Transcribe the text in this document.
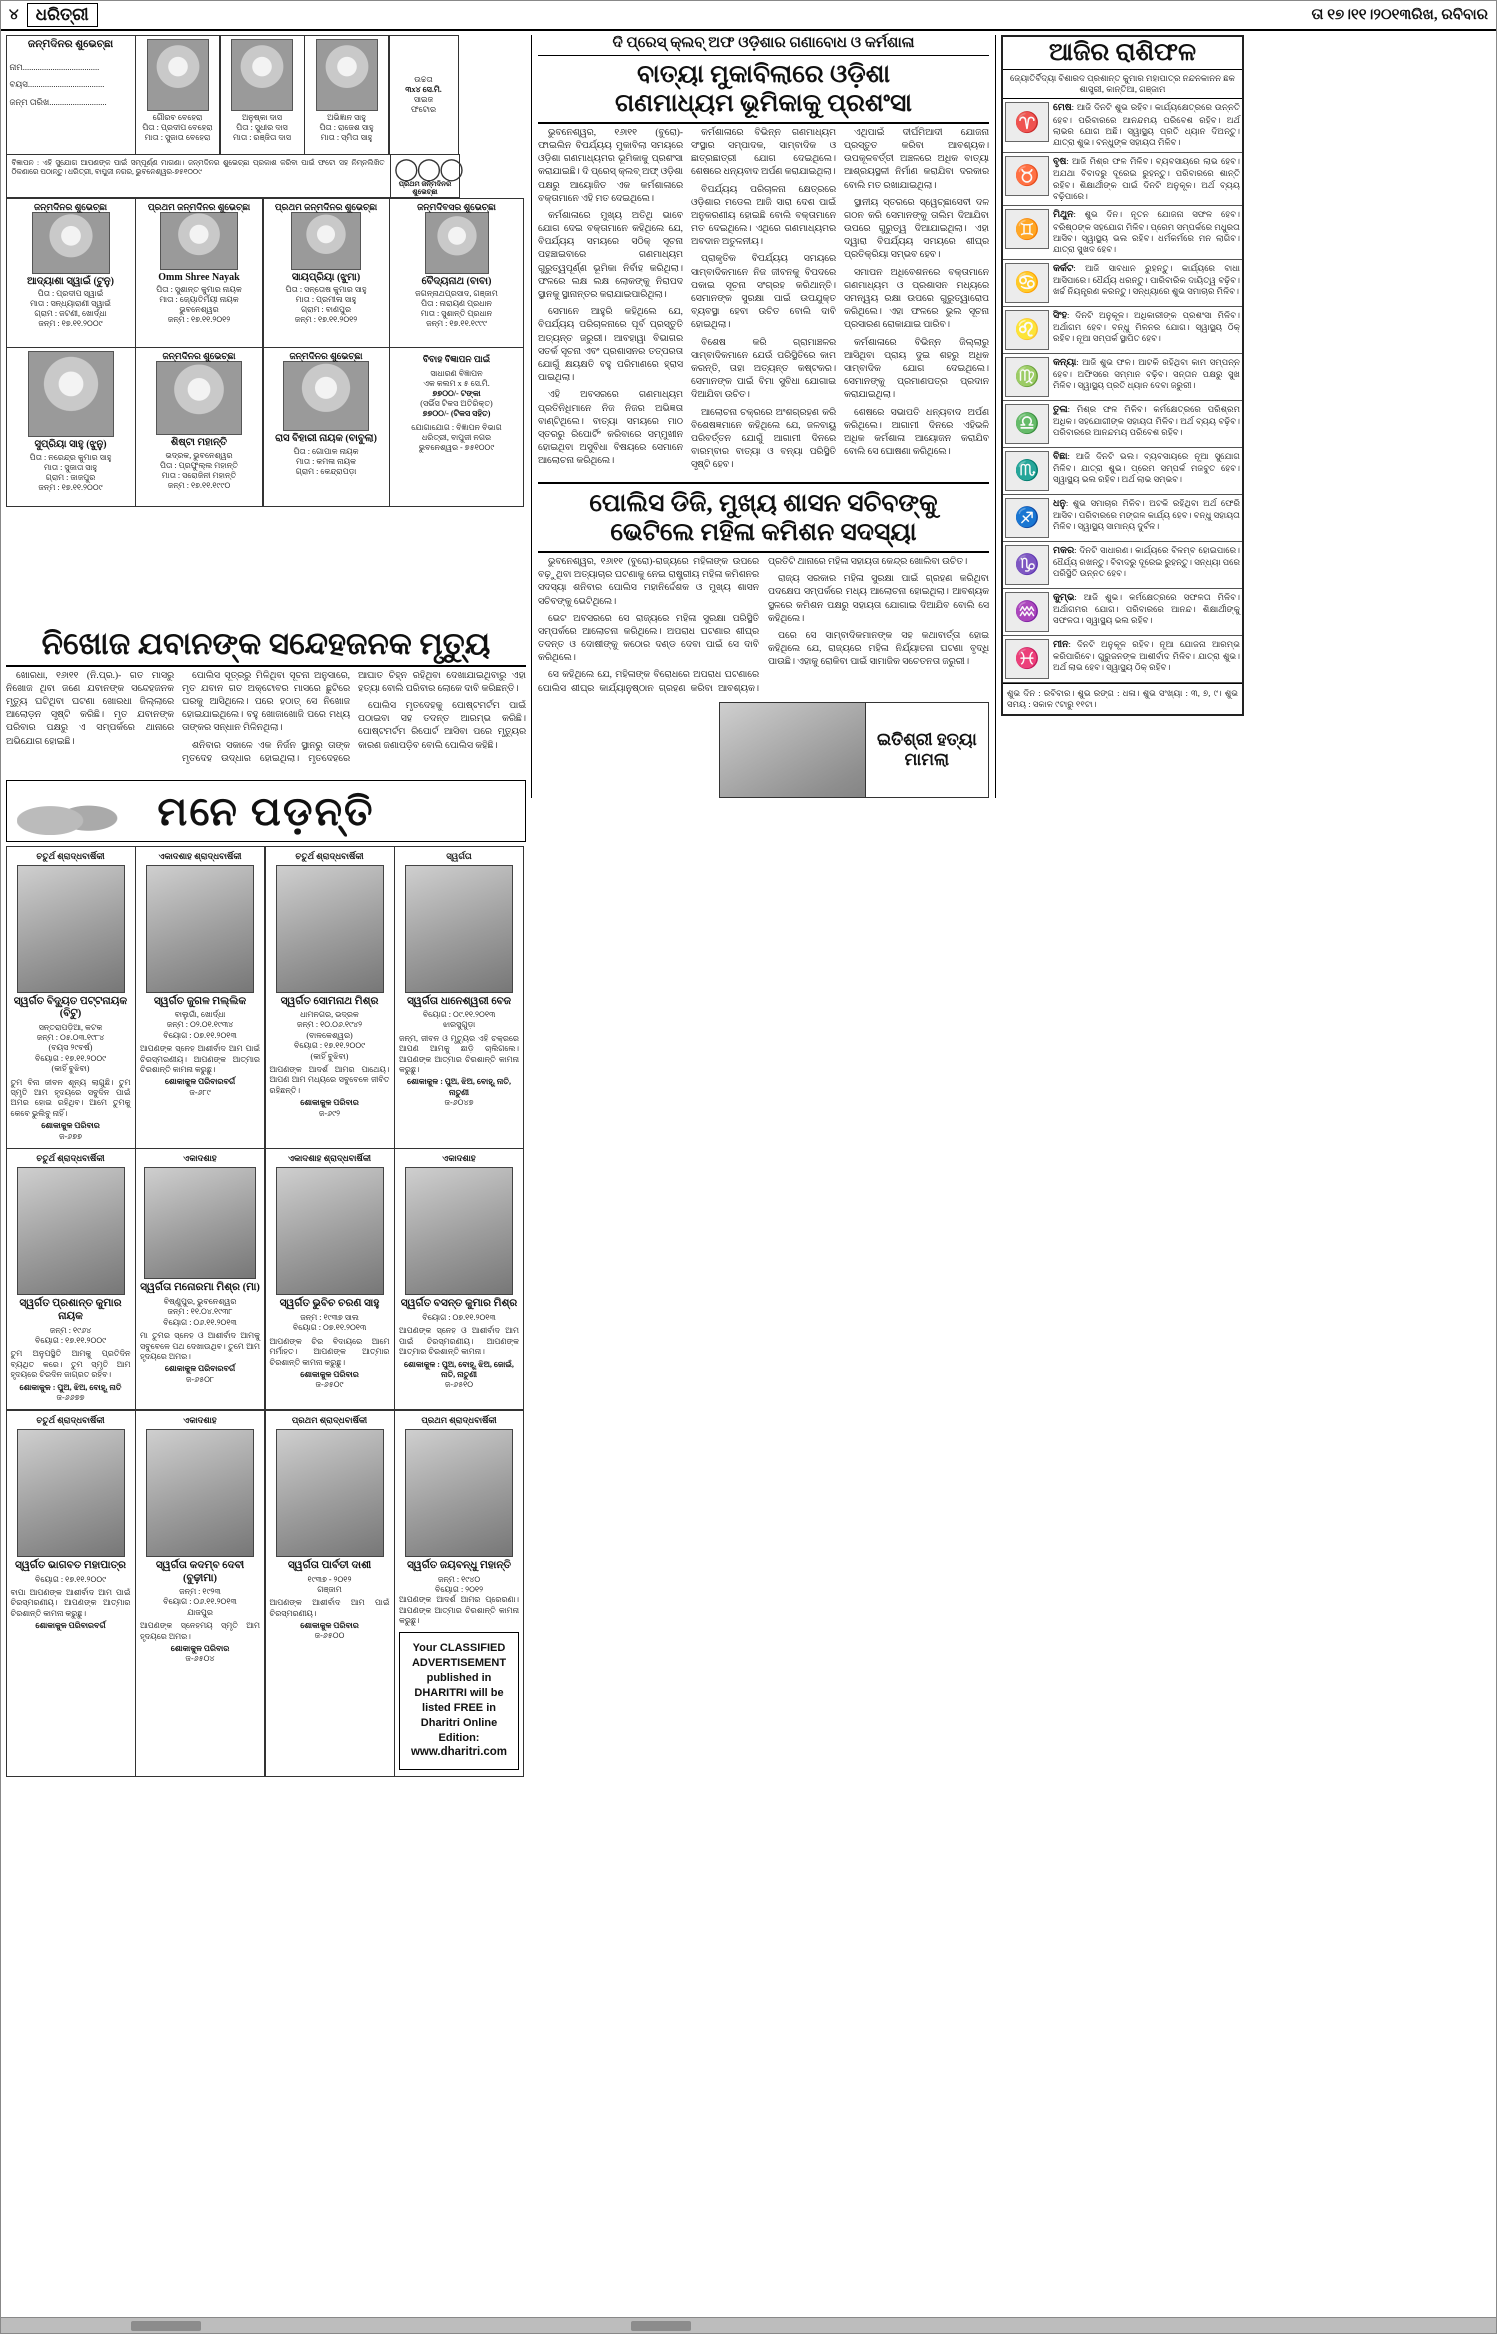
୪	ଧରିତ୍ରୀ	ତା ୧୭।୧୧।୨୦୧୩ରିଖ, ରବିବାର
ଜନ୍ମଦିନର ଶୁଭେଚ୍ଛା
ନାମ....................................
ବୟସ....................................
ଜନ୍ମ ତାରିଖ...........................
ଗୌରବ ବେହେରା
ପିତା : ପ୍ରଦୀପ ବେହେରା
ମାତା : ସୁଜାତା ବେହେରା
ଅନୁଷ୍କା ଦାସ
ପିତା : ସୁଧୀର ଦାସ
ମାତା : ରଞ୍ଜିତା ଦାସ
ଅଭିଜ୍ଞାନ ସାହୁ
ପିତା : ରାଜେଶ ସାହୁ
ମାତା : ସ୍ମିତା ସାହୁ
ଉଚ୍ଚତା
୩x୪ ସେ.ମି.
ସାଇଜ
ଫଟୋର
ବିଜ୍ଞାପନ : ଏହି ସୁଯୋଗ ଆପଣଙ୍କ ପାଇଁ ସମ୍ପୂର୍ଣ୍ଣ ମାଗଣା। ଜନ୍ମଦିନର ଶୁଭେଚ୍ଛା ପ୍ରକାଶ କରିବା ପାଇଁ ଫଟୋ ସହ ନିମ୍ନଲିଖିତ ଠିକଣାରେ ପଠାନ୍ତୁ। ଧରିତ୍ରୀ, ବାପୁଜୀ ନଗର, ଭୁବନେଶ୍ୱର-୭୫୧୦୦୯	◯◯◯
ପ୍ରଥମ ଜନ୍ମଦିନର ଶୁଭେଚ୍ଛା
ଜନ୍ମଦିନର ଶୁଭେଚ୍ଛା
ଆଦ୍ୟାଶା ସ୍ୱାଇଁ (ଟୁନୁ)
ପିତା : ପ୍ରଦୀପ ସ୍ୱାଇଁ
ମାତା : ସନ୍ଧ୍ୟାରାଣୀ ସ୍ୱାଇଁ
ଗ୍ରାମ : ଜଟଣୀ, ଖୋର୍ଦ୍ଧା
ଜନ୍ମ : ୧୭.୧୧.୨୦୦୯
ପ୍ରଥମ ଜନ୍ମଦିନର ଶୁଭେଚ୍ଛା
Omm Shree Nayak
ପିତା : ସୁଶାନ୍ତ କୁମାର ନାୟକ
ମାତା : ଜ୍ୟୋତିର୍ମୟୀ ନାୟକ
ଭୁବନେଶ୍ୱର
ଜନ୍ମ : ୧୭.୧୧.୨୦୧୨
ପ୍ରଥମ ଜନ୍ମଦିନର ଶୁଭେଚ୍ଛା
ସାୟପ୍ରିୟା (ଝୁମା)
ପିତା : ସନ୍ତୋଷ କୁମାର ସାହୁ
ମାତା : ପ୍ରମୀଳା ସାହୁ
ଗ୍ରାମ : ବାଣପୁର
ଜନ୍ମ : ୧୭.୧୧.୨୦୧୨
ଜନ୍ମଦିବସର ଶୁଭେଚ୍ଛା
ବୈଦ୍ୟନାଥ (ବାବା)
ଜଗନ୍ନାଥପ୍ରସାଦ, ଗଞ୍ଜାମ
ପିତା : ନାରାୟଣ ପ୍ରଧାନ
ମାତା : ସୁଶାନ୍ତି ପ୍ରଧାନ
ଜନ୍ମ : ୧୭.୧୧.୧୯୯୯
ସୁପ୍ରିୟା ସାହୁ (ଝୁନୁ)
ପିତା : ନରେନ୍ଦ୍ର କୁମାର ସାହୁ
ମାତା : ସୁଜାତା ସାହୁ
ଗ୍ରାମ : ଜାଜପୁର
ଜନ୍ମ : ୧୭.୧୧.୨୦୦୯
ଜନ୍ମଦିନର ଶୁଭେଚ୍ଛା
ଶିଷ୍ଟା ମହାନ୍ତି
ଭଦ୍ରକ, ଭୁବନେଶ୍ୱର
ପିତା : ପ୍ରଫୁଲ୍ଲ ମହାନ୍ତି
ମାତା : ସରୋଜିନୀ ମହାନ୍ତି
ଜନ୍ମ : ୧୭.୧୧.୧୯୯୦
ଜନ୍ମଦିନର ଶୁଭେଚ୍ଛା
ରାସ ବିହାରୀ ନାୟକ (ବାବୁଲା)
ପିତା : ଗୋପାଳ ନାୟକ
ମାତା : କମଳା ନାୟକ
ଗ୍ରାମ : କେନ୍ଦ୍ରାପଡ଼ା
ବିବାହ ବିଜ୍ଞାପନ ପାଇଁ
ସାଧାରଣ ବିଜ୍ଞାପନ
ଏକ କଲମ x ୫ ସେ.ମି.
୭୭୦୦/- ଟଙ୍କା
(ସର୍ଭିସ ଟିକସ ଅତିରିକ୍ତ)
୭୭୦୦/- (ଟିକସ ସହିତ)
ଯୋଗାଯୋଗ : ବିଜ୍ଞାପନ ବିଭାଗ
ଧରିତ୍ରୀ, ବାପୁଜୀ ନଗର
ଭୁବନେଶ୍ୱର - ୭୫୧୦୦୯
ଦି ପ୍ରେସ୍‌ କ୍ଲବ୍‌ ଅଫ ଓଡ଼ିଶାର ଗଣାବୋଧ ଓ କର୍ମଶାଳା
ବାତ୍ୟା ମୁକାବିଲାରେ ଓଡ଼ିଶା
ଗଣମାଧ୍ୟମ ଭୂମିକାକୁ ପ୍ରଶଂସା

ଭୁବନେଶ୍ୱର, ୧୬ା୧୧ (ବୁରୋ)- ଫାଇଲିନ ବିପର୍ଯ୍ୟୟ ମୁକାବିଲା ସମୟରେ ଓଡ଼ିଶା ଗଣମାଧ୍ୟମର ଭୂମିକାକୁ ପ୍ରଶଂସା କରାଯାଇଛି। ଦି ପ୍ରେସ୍‌ କ୍ଲବ୍‌ ଅଫ୍‌ ଓଡ଼ିଶା ପକ୍ଷରୁ ଆୟୋଜିତ ଏକ କର୍ମଶାଳାରେ ବକ୍ତାମାନେ ଏହି ମତ ଦେଇଥିଲେ।

କର୍ମଶାଳାରେ ମୁଖ୍ୟ ଅତିଥି ଭାବେ ଯୋଗ ଦେଇ ବକ୍ତାମାନେ କହିଥିଲେ ଯେ, ବିପର୍ଯ୍ୟୟ ସମୟରେ ସଠିକ୍‌ ସୂଚନା ପହଞ୍ଚାଇବାରେ ଗଣମାଧ୍ୟମ ଗୁରୁତ୍ୱପୂର୍ଣ୍ଣ ଭୂମିକା ନିର୍ବାହ କରିଥିଲା। ଫଳରେ ଲକ୍ଷ ଲକ୍ଷ ଲୋକଙ୍କୁ ନିରାପଦ ସ୍ଥାନକୁ ସ୍ଥାନାନ୍ତର କରାଯାଇପାରିଥିଲା।

ସେମାନେ ଆହୁରି କହିଥିଲେ ଯେ, ବିପର୍ଯ୍ୟୟ ପରିଚାଳନାରେ ପୂର୍ବ ପ୍ରସ୍ତୁତି ଅତ୍ୟନ୍ତ ଜରୁରୀ। ଆବହାୱା ବିଭାଗର ସତର୍କ ସୂଚନା ଏବଂ ପ୍ରଶାସନର ତତ୍‌ପରତା ଯୋଗୁଁ କ୍ଷୟକ୍ଷତି ବହୁ ପରିମାଣରେ ହ୍ରାସ ପାଇଥିଲା।

ଏହି ଅବସରରେ ଗଣମାଧ୍ୟମ ପ୍ରତିନିଧିମାନେ ନିଜ ନିଜର ଅଭିଜ୍ଞତା ବାଣ୍ଟିଥିଲେ। ବାତ୍ୟା ସମୟରେ ମାଠ ସ୍ତରରୁ ରିପୋର୍ଟିଂ କରିବାରେ ସମ୍ମୁଖୀନ ହୋଇଥିବା ଅସୁବିଧା ବିଷୟରେ ସେମାନେ ଆଲୋଚନା କରିଥିଲେ।

କର୍ମଶାଳାରେ ବିଭିନ୍ନ ଗଣମାଧ୍ୟମ ସଂସ୍ଥାର ସମ୍ପାଦକ, ସାମ୍ବାଦିକ ଓ ଛାତ୍ରଛାତ୍ରୀ ଯୋଗ ଦେଇଥିଲେ। ଶେଷରେ ଧନ୍ୟବାଦ ଅର୍ପଣ କରାଯାଇଥିଲା।

ବିପର୍ଯ୍ୟୟ ପରିଚାଳନା କ୍ଷେତ୍ରରେ ଓଡ଼ିଶାର ମଡେଲ ଆଜି ସାରା ଦେଶ ପାଇଁ ଅନୁକରଣୀୟ ହୋଇଛି ବୋଲି ବକ୍ତାମାନେ ମତ ଦେଇଥିଲେ। ଏଥିରେ ଗଣମାଧ୍ୟମର ଅବଦାନ ଅତୁଳନୀୟ।

ପ୍ରାକୃତିକ ବିପର୍ଯ୍ୟୟ ସମୟରେ ସାମ୍ବାଦିକମାନେ ନିଜ ଜୀବନକୁ ବିପଦରେ ପକାଇ ସୂଚନା ସଂଗ୍ରହ କରିଥାନ୍ତି। ସେମାନଙ୍କ ସୁରକ୍ଷା ପାଇଁ ଉପଯୁକ୍ତ ବ୍ୟବସ୍ଥା ହେବା ଉଚିତ ବୋଲି ଦାବି ହୋଇଥିଲା।

ବିଶେଷ କରି ଗ୍ରାମାଞ୍ଚଳର ସାମ୍ବାଦିକମାନେ ଯେଉଁ ପରିସ୍ଥିତିରେ କାମ କରନ୍ତି, ତାହା ଅତ୍ୟନ୍ତ କଷ୍ଟକର। ସେମାନଙ୍କ ପାଇଁ ବିମା ସୁବିଧା ଯୋଗାଇ ଦିଆଯିବା ଉଚିତ।

ଆଲୋଚନା ଚକ୍ରରେ ଅଂଶଗ୍ରହଣ କରି ବିଶେଷଜ୍ଞମାନେ କହିଥିଲେ ଯେ, ଜଳବାୟୁ ପରିବର୍ତ୍ତନ ଯୋଗୁଁ ଆଗାମୀ ଦିନରେ ବାରମ୍ବାର ବାତ୍ୟା ଓ ବନ୍ୟା ପରିସ୍ଥିତି ସୃଷ୍ଟି ହେବ।

ଏଥିପାଇଁ ଦୀର୍ଘମିଆଦୀ ଯୋଜନା ପ୍ରସ୍ତୁତ କରିବା ଆବଶ୍ୟକ। ଉପକୂଳବର୍ତ୍ତୀ ଅଞ୍ଚଳରେ ଅଧିକ ବାତ୍ୟା ଆଶ୍ରୟସ୍ଥଳୀ ନିର୍ମାଣ କରାଯିବା ଦରକାର ବୋଲି ମତ ରଖାଯାଇଥିଲା।

ସ୍ଥାନୀୟ ସ୍ତରରେ ସ୍ୱେଚ୍ଛାସେବୀ ଦଳ ଗଠନ କରି ସେମାନଙ୍କୁ ତାଲିମ ଦିଆଯିବା ଉପରେ ଗୁରୁତ୍ୱ ଦିଆଯାଇଥିଲା। ଏହା ଦ୍ୱାରା ବିପର୍ଯ୍ୟୟ ସମୟରେ ଶୀଘ୍ର ପ୍ରତିକ୍ରିୟା ସମ୍ଭବ ହେବ।

ସମାପନ ଅଧିବେଶନରେ ବକ୍ତାମାନେ ଗଣମାଧ୍ୟମ ଓ ପ୍ରଶାସନ ମଧ୍ୟରେ ସମନ୍ୱୟ ରକ୍ଷା ଉପରେ ଗୁରୁତ୍ୱାରୋପ କରିଥିଲେ। ଏହା ଫଳରେ ଭୁଲ ସୂଚନା ପ୍ରସାରଣ ରୋକାଯାଇ ପାରିବ।

କର୍ମଶାଳାରେ ବିଭିନ୍ନ ଜିଲ୍ଲାରୁ ଆସିଥିବା ପ୍ରାୟ ଦୁଇ ଶହରୁ ଅଧିକ ସାମ୍ବାଦିକ ଯୋଗ ଦେଇଥିଲେ। ସେମାନଙ୍କୁ ପ୍ରମାଣପତ୍ର ପ୍ରଦାନ କରାଯାଇଥିଲା।

ଶେଷରେ ସଭାପତି ଧନ୍ୟବାଦ ଅର୍ପଣ କରିଥିଲେ। ଆଗାମୀ ଦିନରେ ଏହିଭଳି ଅଧିକ କର୍ମଶାଳା ଆୟୋଜନ କରାଯିବ ବୋଲି ସେ ଘୋଷଣା କରିଥିଲେ।

ପୋଲିସ ଡିଜି, ମୁଖ୍ୟ ଶାସନ ସଚିବଙ୍କୁ
ଭେଟିଲେ ମହିଳା କମିଶନ ସଦସ୍ୟା

ଭୁବନେଶ୍ୱର, ୧୬ା୧୧ (ବୁରୋ)-ରାଜ୍ୟରେ ମହିଳାଙ୍କ ଉପରେ ବଢ଼ୁଥିବା ଅତ୍ୟାଚାର ଘଟଣାକୁ ନେଇ ରାଷ୍ଟ୍ରୀୟ ମହିଳା କମିଶନର ସଦସ୍ୟା ଶନିବାର ପୋଲିସ ମହାନିର୍ଦ୍ଦେଶକ ଓ ମୁଖ୍ୟ ଶାସନ ସଚିବଙ୍କୁ ଭେଟିଥିଲେ।

ଭେଟ ଅବସରରେ ସେ ରାଜ୍ୟରେ ମହିଳା ସୁରକ୍ଷା ପରିସ୍ଥିତି ସମ୍ପର୍କରେ ଆଲୋଚନା କରିଥିଲେ। ଅପରାଧ ଘଟଣାର ଶୀଘ୍ର ତଦନ୍ତ ଓ ଦୋଷୀଙ୍କୁ କଠୋର ଦଣ୍ଡ ଦେବା ପାଇଁ ସେ ଦାବି କରିଥିଲେ।

ସେ କହିଥିଲେ ଯେ, ମହିଳାଙ୍କ ବିରୋଧରେ ଅପରାଧ ଘଟଣାରେ ପୋଲିସ ଶୀଘ୍ର କାର୍ଯ୍ୟାନୁଷ୍ଠାନ ଗ୍ରହଣ କରିବା ଆବଶ୍ୟକ। ପ୍ରତିଟି ଥାନାରେ ମହିଳା ସହାୟତା କେନ୍ଦ୍ର ଖୋଲିବା ଉଚିତ।

ରାଜ୍ୟ ସରକାର ମହିଳା ସୁରକ୍ଷା ପାଇଁ ଗ୍ରହଣ କରିଥିବା ପଦକ୍ଷେପ ସମ୍ପର୍କରେ ମଧ୍ୟ ଆଲୋଚନା ହୋଇଥିଲା। ଆବଶ୍ୟକ ସ୍ଥଳରେ କମିଶନ ପକ୍ଷରୁ ସହାୟତା ଯୋଗାଇ ଦିଆଯିବ ବୋଲି ସେ କହିଥିଲେ।

ପରେ ସେ ସାମ୍ବାଦିକମାନଙ୍କ ସହ କଥାବାର୍ତ୍ତା ହୋଇ କହିଥିଲେ ଯେ, ରାଜ୍ୟରେ ମହିଳା ନିର୍ଯ୍ୟାତନା ଘଟଣା ବୃଦ୍ଧି ପାଉଛି। ଏହାକୁ ରୋକିବା ପାଇଁ ସାମାଜିକ ସଚେତନତା ଜରୁରୀ।

ଇତିଶ୍ରୀ ହତ୍ୟା ମାମଲା
ଆଜିର ରାଶିଫଳ
ଜ୍ୟୋତିର୍ବିଦ୍ୟା ବିଶାରଦ ପ୍ରଶାନ୍ତ କୁମାର ମହାପାତ୍ର ନନ୍ଦନକାନନ ଛକ ଶାସ୍ତ୍ରୀ, କାନ୍ତିଆ, ଗଞ୍ଜାମ
♈
ମେଷ: ଆଜି ଦିନଟି ଶୁଭ ରହିବ। କାର୍ଯ୍ୟକ୍ଷେତ୍ରରେ ଉନ୍ନତି ହେବ। ପରିବାରରେ ଆନନ୍ଦମୟ ପରିବେଶ ରହିବ। ଅର୍ଥ ଲାଭର ଯୋଗ ଅଛି। ସ୍ୱାସ୍ଥ୍ୟ ପ୍ରତି ଧ୍ୟାନ ଦିଅନ୍ତୁ। ଯାତ୍ରା ଶୁଭ। ବନ୍ଧୁଙ୍କ ସହାୟତା ମିଳିବ।
♉
ବୃଷ: ଆଜି ମିଶ୍ର ଫଳ ମିଳିବ। ବ୍ୟବସାୟରେ ଲାଭ ହେବ। ଅଯଥା ବିବାଦରୁ ଦୂରେଇ ରୁହନ୍ତୁ। ପରିବାରରେ ଶାନ୍ତି ରହିବ। ଶିକ୍ଷାର୍ଥୀଙ୍କ ପାଇଁ ଦିନଟି ଅନୁକୂଳ। ଅର୍ଥ ବ୍ୟୟ ବଢ଼ିପାରେ।
♊
ମିଥୁନ: ଶୁଭ ଦିନ। ନୂତନ ଯୋଜନା ସଫଳ ହେବ। ବରିଷ୍ଠଙ୍କ ସହଯୋଗ ମିଳିବ। ପ୍ରେମ ସମ୍ପର୍କରେ ମଧୁରତା ଆସିବ। ସ୍ୱାସ୍ଥ୍ୟ ଭଲ ରହିବ। ଧର୍ମକର୍ମରେ ମନ ଲାଗିବ। ଯାତ୍ରା ସୁଖଦ ହେବ।
♋
କର୍କଟ: ଆଜି ସାବଧାନ ରୁହନ୍ତୁ। କାର୍ଯ୍ୟରେ ବାଧା ଆସିପାରେ। ଧୈର୍ଯ୍ୟ ଧରନ୍ତୁ। ପାରିବାରିକ ଦାୟିତ୍ୱ ବଢ଼ିବ। ଖର୍ଚ୍ଚ ନିୟନ୍ତ୍ରଣ କରନ୍ତୁ। ସନ୍ଧ୍ୟାରେ ଶୁଭ ସମାଚାର ମିଳିବ।
♌
ସିଂହ: ଦିନଟି ଅନୁକୂଳ। ଅଧିକାରୀଙ୍କ ପ୍ରଶଂସା ମିଳିବ। ଅର୍ଥାଗମ ହେବ। ବନ୍ଧୁ ମିଳନର ଯୋଗ। ସ୍ୱାସ୍ଥ୍ୟ ଠିକ୍‌ ରହିବ। ନୂଆ ସମ୍ପର୍କ ସ୍ଥାପିତ ହେବ।
♍
କନ୍ୟା: ଆଜି ଶୁଭ ଫଳ। ଆଟକି ରହିଥିବା କାମ ସମ୍ପନ୍ନ ହେବ। ଅଫିସରେ ସମ୍ମାନ ବଢ଼ିବ। ସନ୍ତାନ ପକ୍ଷରୁ ସୁଖ ମିଳିବ। ସ୍ୱାସ୍ଥ୍ୟ ପ୍ରତି ଧ୍ୟାନ ଦେବା ଜରୁରୀ।
♎
ତୁଳା: ମିଶ୍ର ଫଳ ମିଳିବ। କର୍ମକ୍ଷେତ୍ରରେ ପରିଶ୍ରମ ଅଧିକ। ସହଯୋଗୀଙ୍କ ସହାୟତା ମିଳିବ। ଅର୍ଥ ବ୍ୟୟ ବଢ଼ିବ। ପରିବାରରେ ଆନନ୍ଦମୟ ପରିବେଶ ରହିବ।
♏
ବିଛା: ଆଜି ଦିନଟି ଭଲ। ବ୍ୟବସାୟରେ ନୂଆ ସୁଯୋଗ ମିଳିବ। ଯାତ୍ରା ଶୁଭ। ପ୍ରେମ ସମ୍ପର୍କ ମଜବୁତ ହେବ। ସ୍ୱାସ୍ଥ୍ୟ ଭଲ ରହିବ। ଅର୍ଥ ଲାଭ ସମ୍ଭବ।
♐
ଧନୁ: ଶୁଭ ସମାଚାର ମିଳିବ। ଅଟକି ରହିଥିବା ଅର୍ଥ ଫେରି ଆସିବ। ପରିବାରରେ ମଙ୍ଗଳ କାର୍ଯ୍ୟ ହେବ। ବନ୍ଧୁ ସହାୟତା ମିଳିବ। ସ୍ୱାସ୍ଥ୍ୟ ସାମାନ୍ୟ ଦୁର୍ବଳ।
♑
ମକର: ଦିନଟି ସାଧାରଣ। କାର୍ଯ୍ୟରେ ବିଳମ୍ବ ହୋଇପାରେ। ଧୈର୍ଯ୍ୟ ରଖନ୍ତୁ। ବିବାଦରୁ ଦୂରେଇ ରୁହନ୍ତୁ। ସନ୍ଧ୍ୟା ପରେ ପରିସ୍ଥିତି ଉନ୍ନତ ହେବ।
♒
କୁମ୍ଭ: ଆଜି ଶୁଭ। କର୍ମକ୍ଷେତ୍ରରେ ସଫଳତା ମିଳିବ। ଅର୍ଥାଗମର ଯୋଗ। ପରିବାରରେ ଆନନ୍ଦ। ଶିକ୍ଷାର୍ଥୀଙ୍କୁ ସଫଳତା। ସ୍ୱାସ୍ଥ୍ୟ ଭଲ ରହିବ।
♓
ମୀନ: ଦିନଟି ଅନୁକୂଳ ରହିବ। ନୂଆ ଯୋଜନା ଆରମ୍ଭ କରିପାରିବେ। ଗୁରୁଜନଙ୍କ ଆଶୀର୍ବାଦ ମିଳିବ। ଯାତ୍ରା ଶୁଭ। ଅର୍ଥ ଲାଭ ହେବ। ସ୍ୱାସ୍ଥ୍ୟ ଠିକ୍‌ ରହିବ।
ଶୁଭ ଦିନ : ରବିବାର। ଶୁଭ ରଙ୍ଗ : ଧଳା। ଶୁଭ ସଂଖ୍ୟା : ୩, ୭, ୯। ଶୁଭ ସମୟ : ସକାଳ ୯ଟାରୁ ୧୧ଟା।
ନିଖୋଜ ଯବାନଙ୍କ ସନ୍ଦେହଜନକ ମୃତ୍ୟୁ

ଖୋରଧା, ୧୬ା୧୧ (ନି.ପ୍ର.)- ଗତ ମାସରୁ ନିଖୋଜ ଥିବା ଜଣେ ଯବାନଙ୍କ ସନ୍ଦେହଜନକ ମୃତ୍ୟୁ ଘଟିଥିବା ଘଟଣା ଖୋରଧା ଜିଲ୍ଲାରେ ଆଲୋଡ଼ନ ସୃଷ୍ଟି କରିଛି। ମୃତ ଯବାନଙ୍କ ପରିବାର ପକ୍ଷରୁ ଏ ସମ୍ପର୍କରେ ଥାନାରେ ଅଭିଯୋଗ ହୋଇଛି।

ପୋଲିସ ସୂତ୍ରରୁ ମିଳିଥିବା ସୂଚନା ଅନୁସାରେ, ମୃତ ଯବାନ ଗତ ଅକ୍ଟୋବର ମାସରେ ଛୁଟିରେ ଘରକୁ ଆସିଥିଲେ। ପରେ ହଠାତ୍‌ ସେ ନିଖୋଜ ହୋଇଯାଇଥିଲେ। ବହୁ ଖୋଜାଖୋଜି ପରେ ମଧ୍ୟ ତାଙ୍କର ସନ୍ଧାନ ମିଳିନଥିଲା।

ଶନିବାର ସକାଳେ ଏକ ନିର୍ଜନ ସ୍ଥାନରୁ ତାଙ୍କ ମୃତଦେହ ଉଦ୍ଧାର ହୋଇଥିଲା। ମୃତଦେହରେ ଆଘାତ ଚିହ୍ନ ରହିଥିବା ଦେଖାଯାଇଥିବାରୁ ଏହା ହତ୍ୟା ବୋଲି ପରିବାର ଲୋକେ ଦାବି କରିଛନ୍ତି।

ପୋଲିସ ମୃତଦେହକୁ ପୋଷ୍ଟମର୍ଟମ ପାଇଁ ପଠାଇବା ସହ ତଦନ୍ତ ଆରମ୍ଭ କରିଛି। ପୋଷ୍ଟମର୍ଟମ ରିପୋର୍ଟ ଆସିବା ପରେ ମୃତ୍ୟୁର କାରଣ ଜଣାପଡ଼ିବ ବୋଲି ପୋଲିସ କହିଛି।

ମନେ ପଡ଼ନ୍ତି
ଚତୁର୍ଥ ଶ୍ରାଦ୍ଧବାର୍ଷିକୀ
ସ୍ୱର୍ଗତ ବିଦ୍ୟୁତ ପଟ୍ଟନାୟକ (ବିଟୁ)
ସନ୍ତରାପଡ଼ିଆ, କଟକ
ଜନ୍ମ : ୦୫.୦୩.୧୯୮୪
(ବୟସ ୨୯ବର୍ଷ)
ବିୟୋଗ : ୧୭.୧୧.୨୦୦୯
(କାହିଁ ବୁଝିବା)
ତୁମ ବିନା ଜୀବନ ଶୂନ୍ୟ ଲାଗୁଛି। ତୁମ ସ୍ମୃତି ଆମ ହୃଦୟରେ ସବୁଦିନ ପାଇଁ ଅମର ହୋଇ ରହିଥିବ। ଆମେ ତୁମକୁ କେବେ ଭୁଲିବୁ ନାହିଁ।
ଶୋକାକୁଳ ପରିବାର
ଜ-୬୭୭
ଏକାଦଶାହ ଶ୍ରାଦ୍ଧବାର୍ଷିକୀ
ସ୍ୱର୍ଗତ ଜୁଗଳ ମଲ୍ଲିକ
ବାଲୁଗାଁ, ଖୋର୍ଦ୍ଧା
ଜନ୍ମ : ୦୨.୦୧.୧୯୩୪
ବିୟୋଗ : ୦୭.୧୧.୨୦୧୩
ଆପଣଙ୍କ ସ୍ନେହ ଆଶୀର୍ବାଦ ଆମ ପାଇଁ ଚିରସ୍ମରଣୀୟ। ଆପଣଙ୍କ ଆତ୍ମାର ଚିରଶାନ୍ତି କାମନା କରୁଛୁ।
ଶୋକାକୁଳ ପରିବାରବର୍ଗ
ଜ-୬୮୯
ଚତୁର୍ଥ ଶ୍ରାଦ୍ଧବାର୍ଷିକୀ
ସ୍ୱର୍ଗତ ସୋମନାଥ ମିଶ୍ର
ଧାମନଗର, ଭଦ୍ରକ
ଜନ୍ମ : ୧୦.୦୬.୧୯୪୨
(ବାଳକେଶ୍ୱର)
ବିୟୋଗ : ୧୭.୧୧.୨୦୦୯
(କାହିଁ ବୁଝିବା)
ଆପଣଙ୍କ ଆଦର୍ଶ ଆମର ପାଥେୟ। ଆପଣ ଆମ ମଧ୍ୟରେ ସବୁବେଳେ ଜୀବିତ ରହିଛନ୍ତି।
ଶୋକାକୁଳ ପରିବାର
ଜ-୬୯୨
ସ୍ୱର୍ଗତା
ସ୍ୱର୍ଗତା ଧାନେଶ୍ୱରୀ ବେଜ
ବିୟୋଗ : ୦୯.୧୧.୨୦୧୩
ଝାରସୁଗୁଡ଼ା
ଜନ୍ମ, ଜୀବନ ଓ ମୃତ୍ୟୁର ଏହି ଚକ୍ରରେ ଆପଣ ଆମକୁ ଛାଡ଼ି ଚାଲିଗଲେ। ଆପଣଙ୍କ ଆତ୍ମାର ଚିରଶାନ୍ତି କାମନା କରୁଛୁ।
ଶୋକାକୁଳ : ପୁଅ, ଝିଅ, ବୋହୂ, ନାତି, ନାତୁଣୀ
ଜ-୬୦୪୭
ଚତୁର୍ଥ ଶ୍ରାଦ୍ଧବାର୍ଷିକୀ
ସ୍ୱର୍ଗତ ପ୍ରଶାନ୍ତ କୁମାର ନାୟକ
ଜନ୍ମ : ୧୯୬୪
ବିୟୋଗ : ୧୭.୧୧.୨୦୦୯
ତୁମ ଅନୁପସ୍ଥିତି ଆମକୁ ପ୍ରତିଦିନ ବ୍ୟଥିତ କରେ। ତୁମ ସ୍ମୃତି ଆମ ହୃଦୟରେ ଚିରଦିନ ଜାଗ୍ରତ ରହିବ।
ଶୋକାକୁଳ : ପୁଅ, ଝିଅ, ବୋହୂ, ନାତି
ଜ-୬୬୭୭
ଏକାଦଶାହ
ସ୍ୱର୍ଗତା ମନୋରମା ମିଶ୍ର (ମା)
ବିଷ୍ଣୁପୁର, ଭୁବନେଶ୍ୱର
ଜନ୍ମ : ୧୧.୦୪.୧୯୩୮
ବିୟୋଗ : ୦୬.୧୧.୨୦୧୩
ମା ତୁମର ସ୍ନେହ ଓ ଆଶୀର୍ବାଦ ଆମକୁ ସବୁବେଳେ ପଥ ଦେଖାଉଥିବ। ତୁମେ ଆମ ହୃଦୟରେ ଅମର।
ଶୋକାକୁଳ ପରିବାରବର୍ଗ
ଜ-୬୫୦୮
ଏକାଦଶାହ ଶ୍ରାଦ୍ଧବାର୍ଷିକୀ
ସ୍ୱର୍ଗତ ଭୁବିଚ ଚରଣ ସାହୁ
ଜନ୍ମ : ୧୯୩୭ ସାଲ
ବିୟୋଗ : ୦୭.୧୧.୨୦୧୩
ଆପଣଙ୍କ ଚିର ବିଦାୟରେ ଆମେ ମର୍ମାହତ। ଆପଣଙ୍କ ଆତ୍ମାର ଚିରଶାନ୍ତି କାମନା କରୁଛୁ।
ଶୋକାକୁଳ ପରିବାର
ଜ-୬୫୦୯
ଏକାଦଶାହ
ସ୍ୱର୍ଗତ ବସନ୍ତ କୁମାର ମିଶ୍ର
ବିୟୋଗ : ୦୭.୧୧.୨୦୧୩
ଆପଣଙ୍କ ସ୍ନେହ ଓ ଆଶୀର୍ବାଦ ଆମ ପାଇଁ ଚିରସ୍ମରଣୀୟ। ଆପଣଙ୍କ ଆତ୍ମାର ଚିରଶାନ୍ତି କାମନା।
ଶୋକାକୁଳ : ପୁଅ, ବୋହୂ, ଝିଅ, ଜୋଇଁ, ନାତି, ନାତୁଣୀ
ଜ-୬୫୧୦
ଚତୁର୍ଥ ଶ୍ରାଦ୍ଧବାର୍ଷିକୀ
ସ୍ୱର୍ଗତ ଭାଗବତ ମହାପାତ୍ର
ବିୟୋଗ : ୧୭.୧୧.୨୦୦୯
ବାପା ଆପଣଙ୍କ ଆଶୀର୍ବାଦ ଆମ ପାଇଁ ଚିରସ୍ମରଣୀୟ। ଆପଣଙ୍କ ଆତ୍ମାର ଚିରଶାନ୍ତି କାମନା କରୁଛୁ।
ଶୋକାକୁଳ ପରିବାରବର୍ଗ
ଏକାଦଶାହ
ସ୍ୱର୍ଗତା କଦମ୍ବ ଦେବୀ (ବୁଢ଼ୀମା)
ଜନ୍ମ : ୧୯୨୩
ବିୟୋଗ : ୦୬.୧୧.୨୦୧୩
ଯାଜପୁର
ଆପଣଙ୍କ ସ୍ନେହମୟ ସ୍ମୃତି ଆମ ହୃଦୟରେ ଅମର।
ଶୋକାକୁଳ ପରିବାର
ଜ-୬୫୦୪
ପ୍ରଥମ ଶ୍ରାଦ୍ଧବାର୍ଷିକୀ
ସ୍ୱର୍ଗତା ପାର୍ବତୀ ଦାଶୀ
୧୯୩୭ - ୨୦୧୨
ଗଞ୍ଜାମ
ଆପଣଙ୍କ ଆଶୀର୍ବାଦ ଆମ ପାଇଁ ଚିରସ୍ମରଣୀୟ।
ଶୋକାକୁଳ ପରିବାର
ଜ-୬୫୦୦
ପ୍ରଥମ ଶ୍ରାଦ୍ଧବାର୍ଷିକୀ
ସ୍ୱର୍ଗତ ଜୟବନ୍ଧୁ ମହାନ୍ତି
ଜନ୍ମ : ୧୯୪୦
ବିୟୋଗ : ୨୦୧୨
ଆପଣଙ୍କ ଆଦର୍ଶ ଆମର ପ୍ରେରଣା। ଆପଣଙ୍କ ଆତ୍ମାର ଚିରଶାନ୍ତି କାମନା କରୁଛୁ।
Your CLASSIFIED
ADVERTISEMENT
published in
DHARITRI will be
listed FREE in
Dharitri Online
Edition:
www.dharitri.com
